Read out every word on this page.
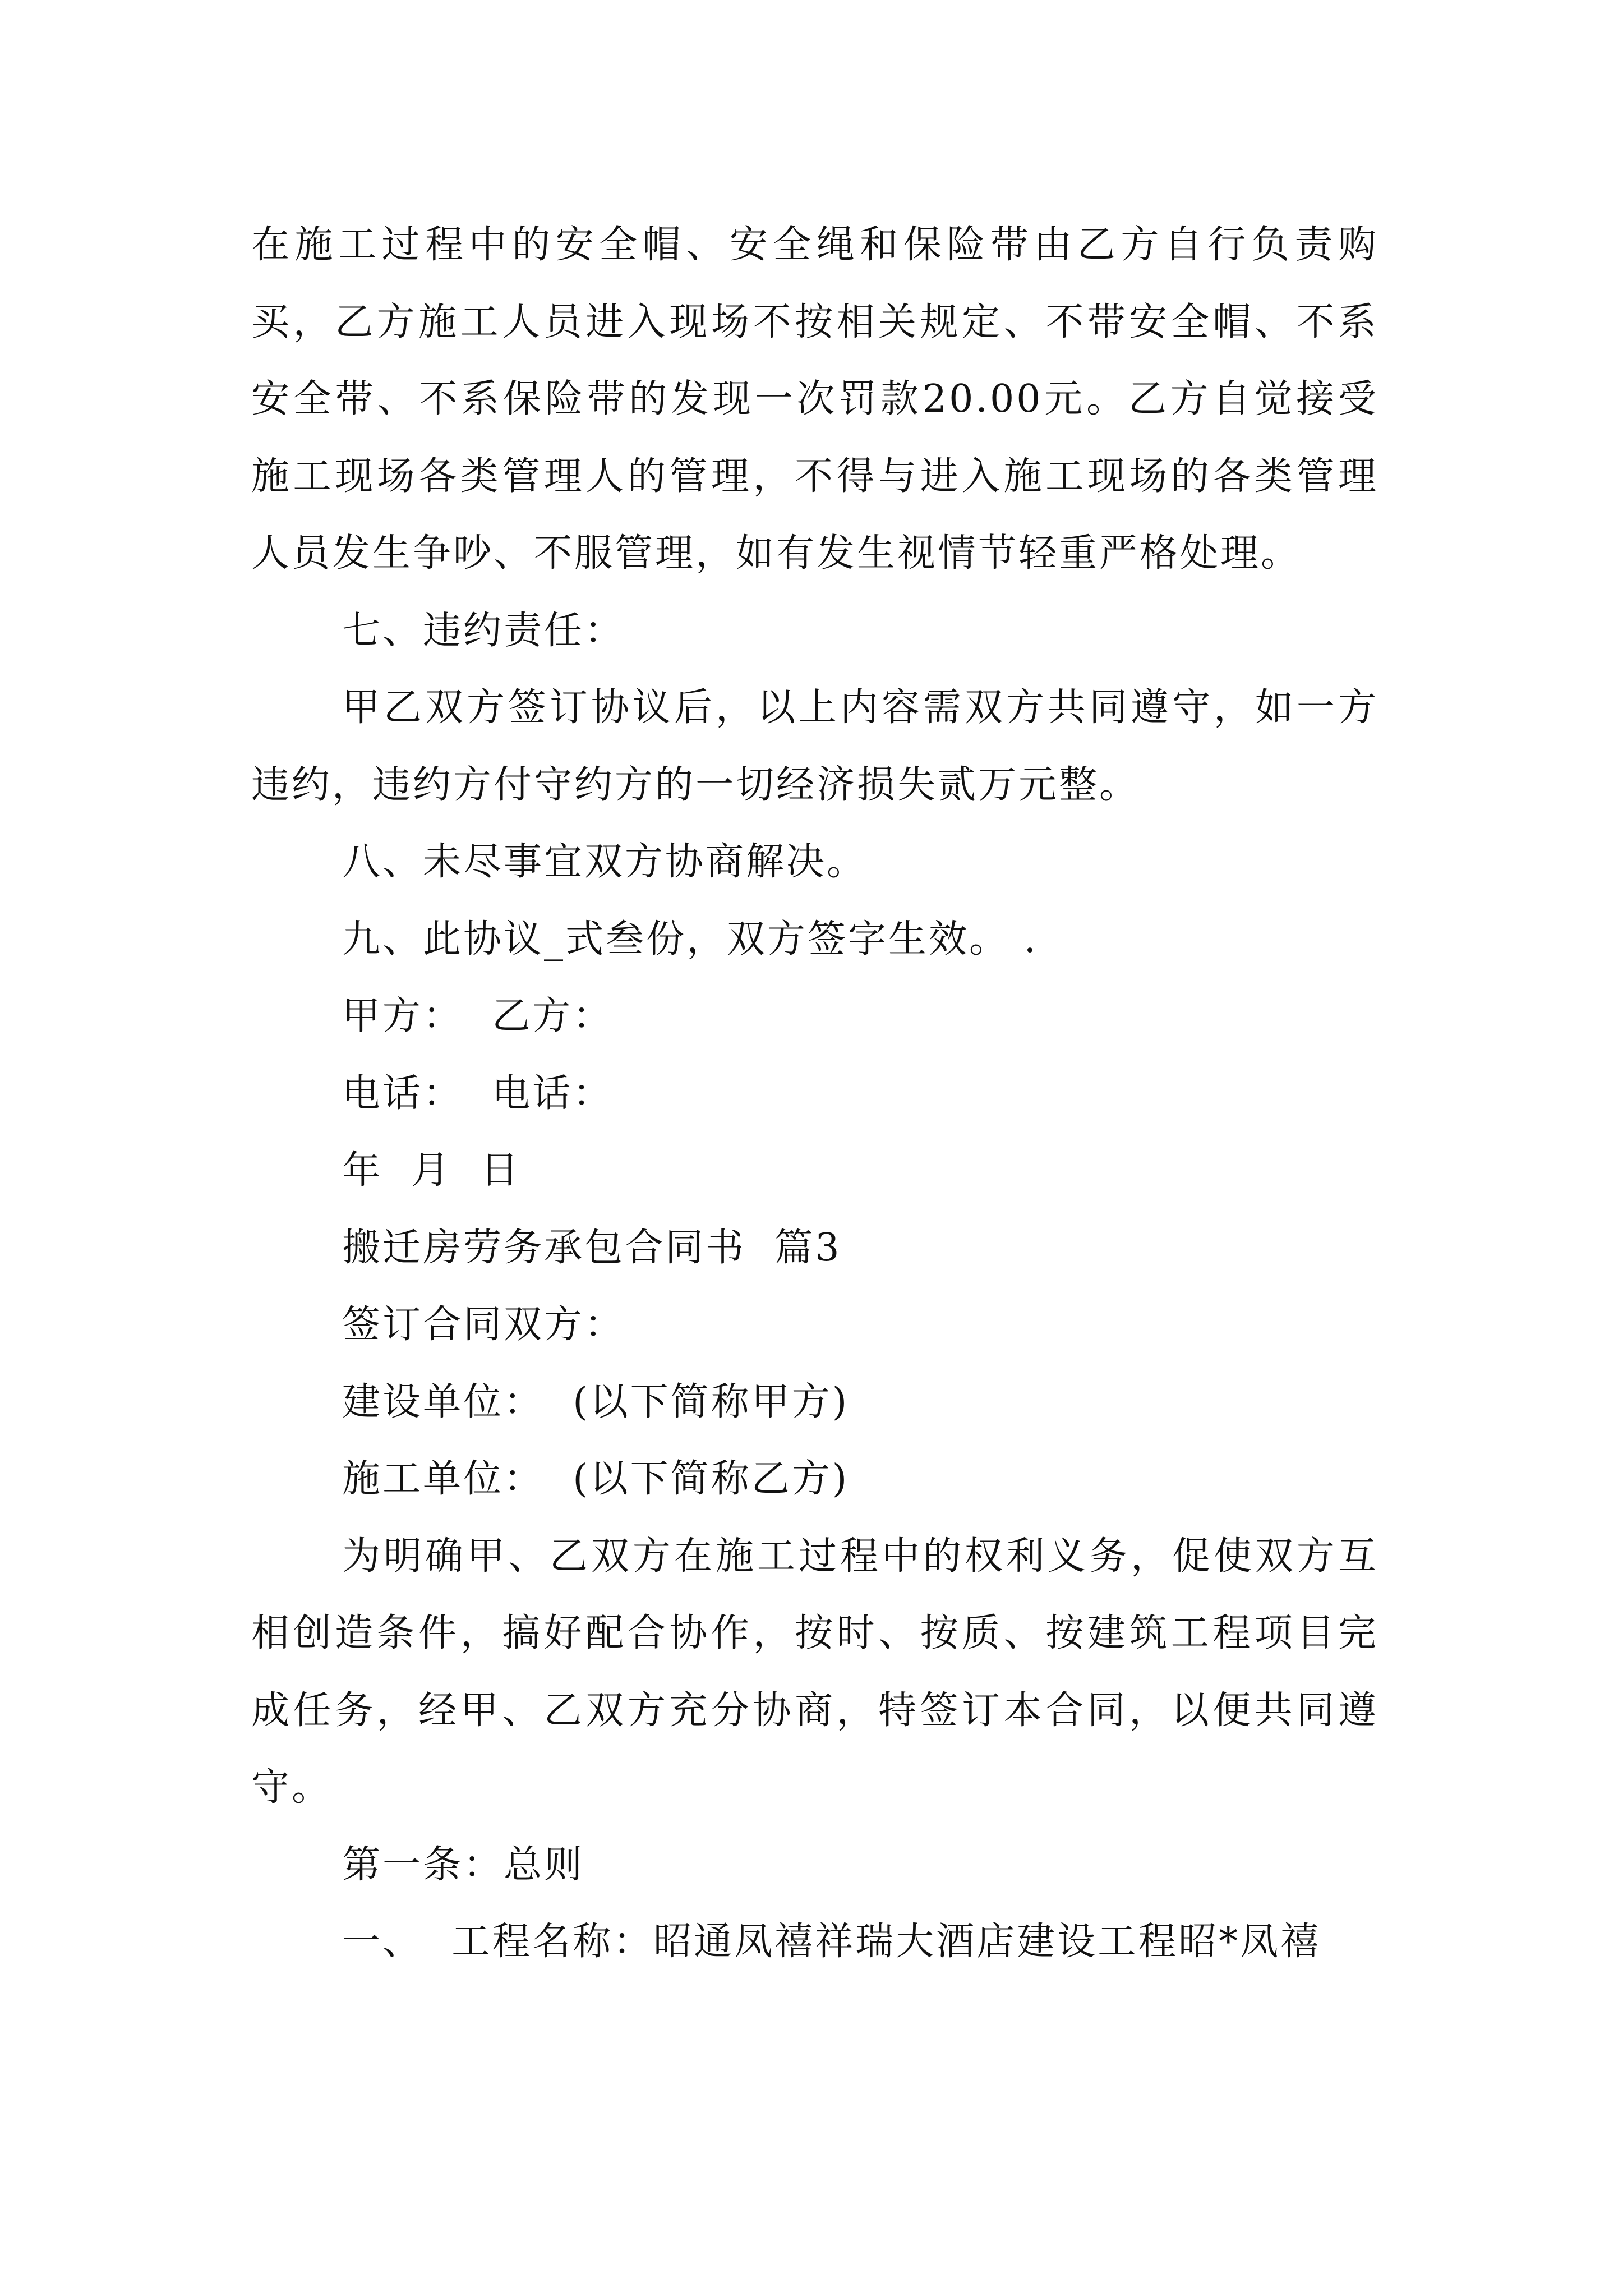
在施工过程中的安全帽、安全绳和保险带由乙方自行负责购买，乙方施工人员进入现场不按相关规定、不带安全帽、不系安全带、不系保险带的发现一次罚款20.00元。乙方自觉接受施工现场各类管理人的管理，不得与进入施工现场的各类管理人员发生争吵、不服管理，如有发生视情节轻重严格处理。

七、违约责任：

甲乙双方签订协议后，以上内容需双方共同遵守，如一方违约，违约方付守约方的一切经济损失贰万元整。

八、未尽事宜双方协商解决。

九、此协议_式叁份，双方签字生效。 .

甲方：  乙方：

电话：  电话：

年  月  日

搬迁房劳务承包合同书  篇3

签订合同双方：

建设单位：  (以下简称甲方)

施工单位：  (以下简称乙方)

为明确甲、乙双方在施工过程中的权利义务，促使双方互相创造条件，搞好配合协作，按时、按质、按建筑工程项目完成任务，经甲、乙双方充分协商，特签订本合同，以便共同遵守。

第一条：总则

一、  工程名称：昭通凤禧祥瑞大酒店建设工程昭*凤禧
